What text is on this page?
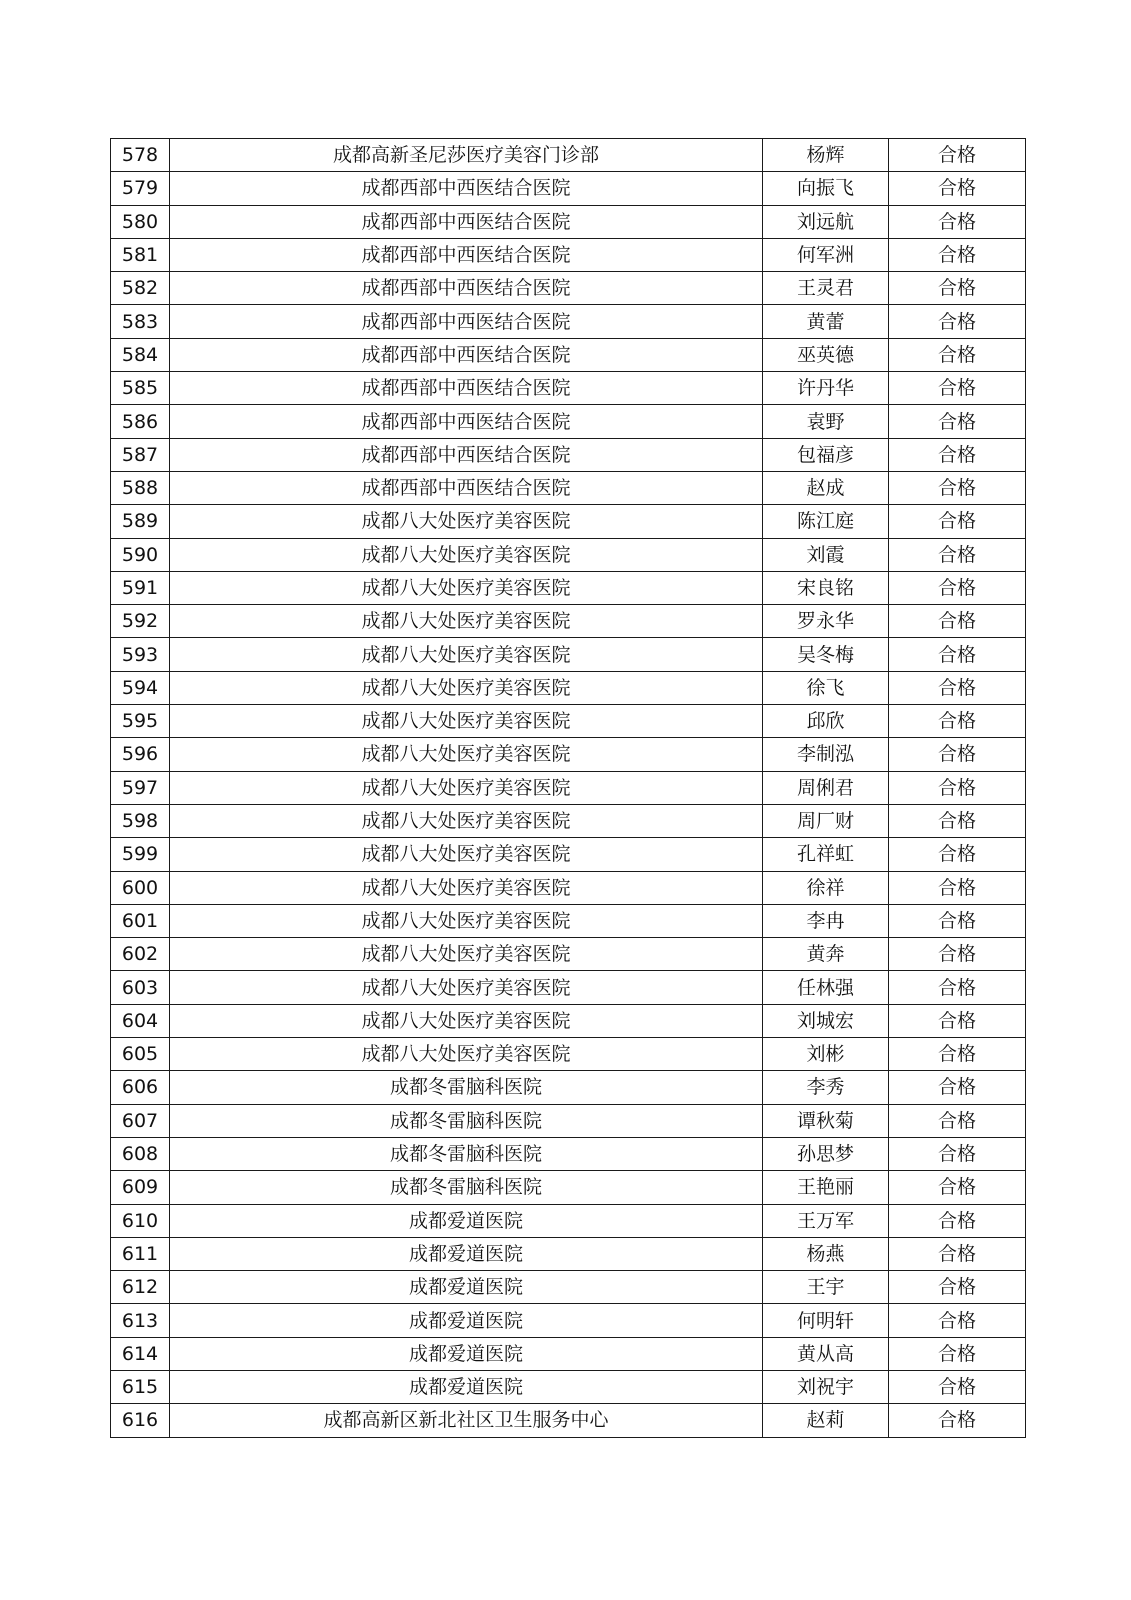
578	成都高新圣尼莎医疗美容门诊部	杨辉	合格
579	成都西部中西医结合医院	向振飞	合格
580	成都西部中西医结合医院	刘远航	合格
581	成都西部中西医结合医院	何军洲	合格
582	成都西部中西医结合医院	王灵君	合格
583	成都西部中西医结合医院	黄蕾	合格
584	成都西部中西医结合医院	巫英德	合格
585	成都西部中西医结合医院	许丹华	合格
586	成都西部中西医结合医院	袁野	合格
587	成都西部中西医结合医院	包福彦	合格
588	成都西部中西医结合医院	赵成	合格
589	成都八大处医疗美容医院	陈江庭	合格
590	成都八大处医疗美容医院	刘霞	合格
591	成都八大处医疗美容医院	宋良铭	合格
592	成都八大处医疗美容医院	罗永华	合格
593	成都八大处医疗美容医院	吴冬梅	合格
594	成都八大处医疗美容医院	徐飞	合格
595	成都八大处医疗美容医院	邱欣	合格
596	成都八大处医疗美容医院	李制泓	合格
597	成都八大处医疗美容医院	周俐君	合格
598	成都八大处医疗美容医院	周厂财	合格
599	成都八大处医疗美容医院	孔祥虹	合格
600	成都八大处医疗美容医院	徐祥	合格
601	成都八大处医疗美容医院	李冉	合格
602	成都八大处医疗美容医院	黄奔	合格
603	成都八大处医疗美容医院	任林强	合格
604	成都八大处医疗美容医院	刘城宏	合格
605	成都八大处医疗美容医院	刘彬	合格
606	成都冬雷脑科医院	李秀	合格
607	成都冬雷脑科医院	谭秋菊	合格
608	成都冬雷脑科医院	孙思梦	合格
609	成都冬雷脑科医院	王艳丽	合格
610	成都爱道医院	王万军	合格
611	成都爱道医院	杨燕	合格
612	成都爱道医院	王宇	合格
613	成都爱道医院	何明轩	合格
614	成都爱道医院	黄从高	合格
615	成都爱道医院	刘祝宇	合格
616	成都高新区新北社区卫生服务中心	赵莉	合格
